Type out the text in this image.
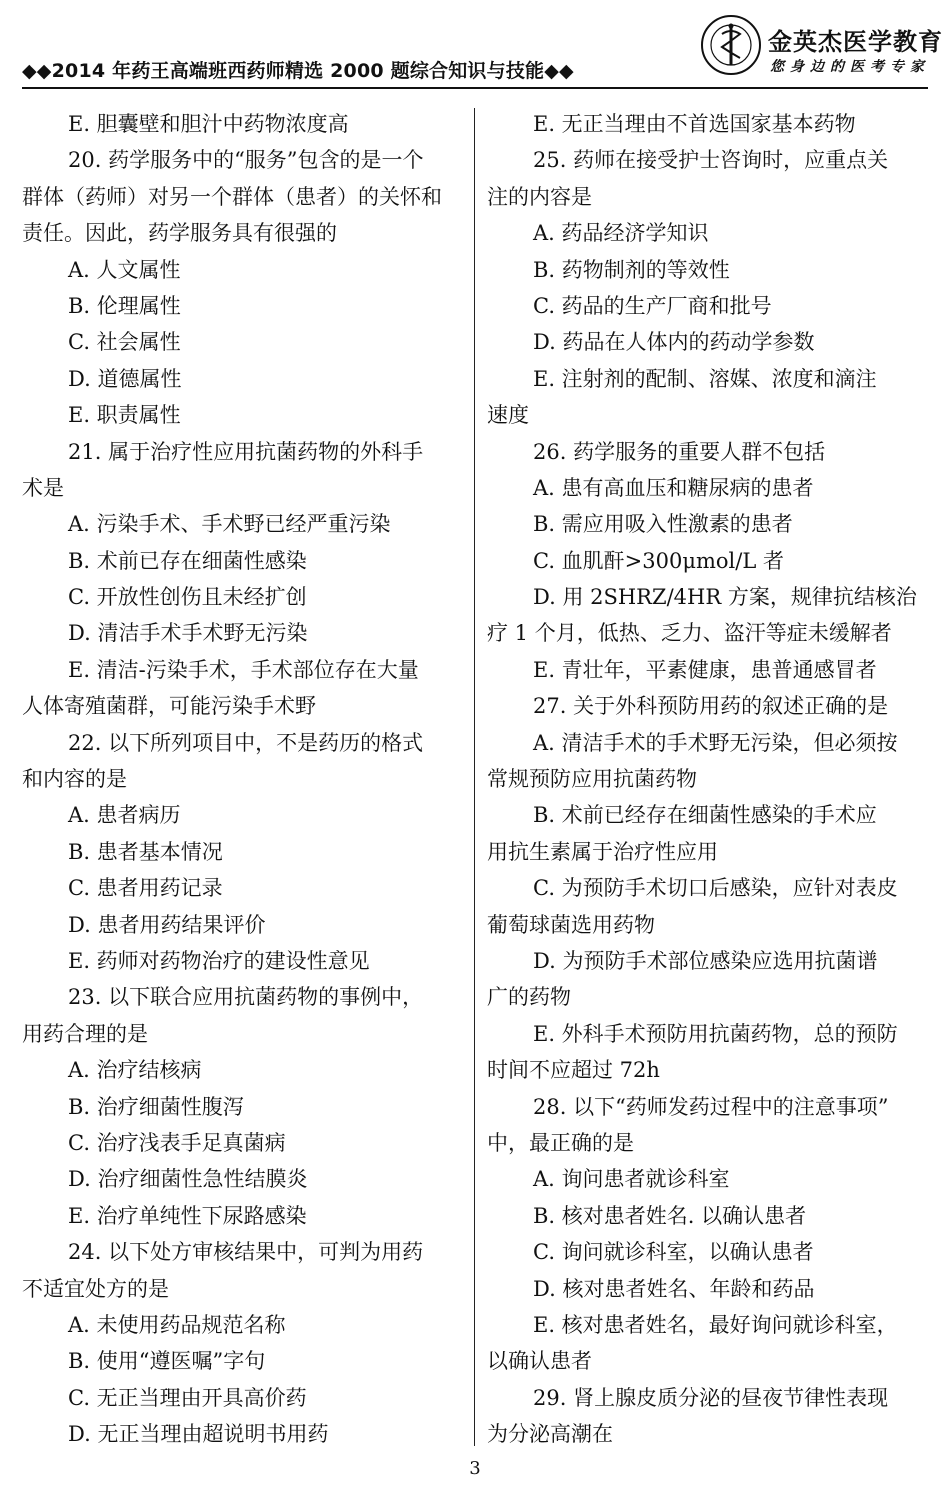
◆◆2014 年药王高端班西药师精选 2000 题综合知识与技能◆◆
金英杰医学教育
您身边的医考专家
E. 胆囊壁和胆汁中药物浓度高
20. 药学服务中的“服务”包含的是一个
群体（药师）对另一个群体（患者）的关怀和
责任。因此，药学服务具有很强的
A. 人文属性
B. 伦理属性
C. 社会属性
D. 道德属性
E. 职责属性
21. 属于治疗性应用抗菌药物的外科手
术是
A. 污染手术、手术野已经严重污染
B. 术前已存在细菌性感染
C. 开放性创伤且未经扩创
D. 清洁手术手术野无污染
E. 清洁-污染手术，手术部位存在大量
人体寄殖菌群，可能污染手术野
22. 以下所列项目中，不是药历的格式
和内容的是
A. 患者病历
B. 患者基本情况
C. 患者用药记录
D. 患者用药结果评价
E. 药师对药物治疗的建设性意见
23. 以下联合应用抗菌药物的事例中，
用药合理的是
A. 治疗结核病
B. 治疗细菌性腹泻
C. 治疗浅表手足真菌病
D. 治疗细菌性急性结膜炎
E. 治疗单纯性下尿路感染
24. 以下处方审核结果中，可判为用药
不适宜处方的是
A. 未使用药品规范名称
B. 使用“遵医嘱”字句
C. 无正当理由开具高价药
D. 无正当理由超说明书用药
E. 无正当理由不首选国家基本药物
25. 药师在接受护士咨询时，应重点关
注的内容是
A. 药品经济学知识
B. 药物制剂的等效性
C. 药品的生产厂商和批号
D. 药品在人体内的药动学参数
E. 注射剂的配制、溶媒、浓度和滴注
速度
26. 药学服务的重要人群不包括
A. 患有高血压和糖尿病的患者
B. 需应用吸入性激素的患者
C. 血肌酐>300μmol/L 者
D. 用 2SHRZ/4HR 方案，规律抗结核治
疗 1 个月，低热、乏力、盗汗等症未缓解者
E. 青壮年，平素健康，患普通感冒者
27. 关于外科预防用药的叙述正确的是
A. 清洁手术的手术野无污染，但必须按
常规预防应用抗菌药物
B. 术前已经存在细菌性感染的手术应
用抗生素属于治疗性应用
C. 为预防手术切口后感染，应针对表皮
葡萄球菌选用药物
D. 为预防手术部位感染应选用抗菌谱
广的药物
E. 外科手术预防用抗菌药物，总的预防
时间不应超过 72h
28. 以下“药师发药过程中的注意事项”
中，最正确的是
A. 询问患者就诊科室
B. 核对患者姓名. 以确认患者
C. 询问就诊科室，以确认患者
D. 核对患者姓名、年龄和药品
E. 核对患者姓名，最好询问就诊科室，
以确认患者
29. 肾上腺皮质分泌的昼夜节律性表现
为分泌高潮在
3
